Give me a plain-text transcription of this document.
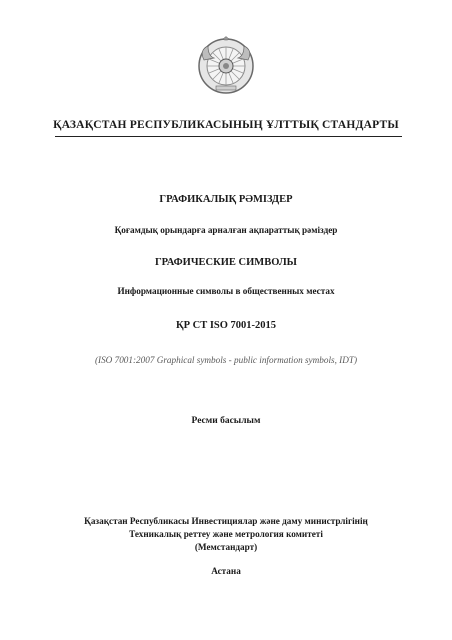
ҚАЗАҚСТАН РЕСПУБЛИКАСЫНЫҢ ҰЛТТЫҚ СТАНДАРТЫ
ГРАФИКАЛЫҚ РӘМІЗДЕР
Қоғамдық орындарға арналған ақпараттық рәміздер
ГРАФИЧЕСКИЕ СИМВОЛЫ
Информационные символы в общественных местах
ҚР СТ ISO 7001-2015
(ISO 7001:2007 Graphical symbols - public information symbols, IDT)
Ресми басылым
Қазақстан Республикасы Инвестициялар және даму министрлігінің
Техникалық реттеу және метрология комитеті
(Мемстандарт)
Астана
